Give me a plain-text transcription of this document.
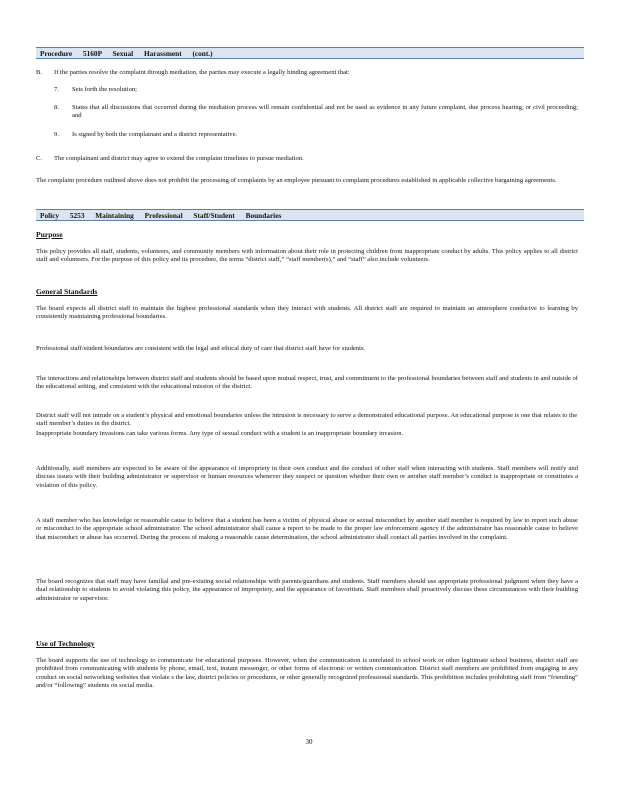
Procedure 5160P Sexual Harassment (cont.)
B. If the parties resolve the complaint through mediation, the parties may execute a legally binding agreement that:

7. Sets forth the resolution;

8. States that all discussions that occurred during the mediation process will remain confidential and not be used as evidence in any future complaint, due process hearing, or civil proceeding; and

9. Is signed by both the complainant and a district representative.

C. The complainant and district may agree to extend the complaint timelines to pursue mediation.

The complaint procedure outlined above does not prohibit the processing of complaints by an employee pursuant to complaint procedures established in applicable collective bargaining agreements.

Policy 5253 Maintaining Professional Staff/Student Boundaries
Purpose

This policy provides all staff, students, volunteers, and community members with information about their role in protecting children from inappropriate conduct by adults. This policy applies to all district staff and volunteers. For the purpose of this policy and its procedure, the terms “district staff,” “staff member(s),” and “staff” also include volunteers.

General Standards

The board expects all district staff to maintain the highest professional standards when they interact with students. All district staff are required to maintain an atmosphere conducive to learning by consistently maintaining professional boundaries.

Professional staff/student boundaries are consistent with the legal and ethical duty of care that district staff have for students.

The interactions and relationships between district staff and students should be based upon mutual respect, trust, and commitment to the professional boundaries between staff and students in and outside of the educational setting, and consistent with the educational mission of the district.

District staff will not intrude on a student’s physical and emotional boundaries unless the intrusion is necessary to serve a demonstrated educational purpose. An educational purpose is one that relates to the staff member’s duties in the district.

Inappropriate boundary invasions can take various forms. Any type of sexual conduct with a student is an inappropriate boundary invasion.

Additionally, staff members are expected to be aware of the appearance of impropriety in their own conduct and the conduct of other staff when interacting with students. Staff members will notify and discuss issues with their building administrator or supervisor or human resources whenever they suspect or question whether their own or another staff member’s conduct is inappropriate or constitutes a violation of this policy.

A staff member who has knowledge or reasonable cause to believe that a student has been a victim of physical abuse or sexual misconduct by another staff member is required by law to report such abuse or misconduct to the appropriate school administrator. The school administrator shall cause a report to be made to the proper law enforcement agency if the administrator has reasonable cause to believe that misconduct or abuse has occurred. During the process of making a reasonable cause determination, the school administrator shall contact all parties involved in the complaint.

The board recognizes that staff may have familial and pre-existing social relationships with parents/guardians and students. Staff members should use appropriate professional judgment when they have a dual relationship to students to avoid violating this policy, the appearance of impropriety, and the appearance of favoritism. Staff members shall proactively discuss these circumstances with their building administrator or supervisor.

Use of Technology

The board supports the use of technology to communicate for educational purposes. However, when the communication is unrelated to school work or other legitimate school business, district staff are prohibited from communicating with students by phone, email, text, instant messenger, or other forms of electronic or written communication. District staff members are prohibited from engaging in any conduct on social networking websites that violate s the law, district policies or procedures, or other generally recognized professional standards. This prohibition includes prohibiting staff from “friending” and/or “following” students on social media.

30
